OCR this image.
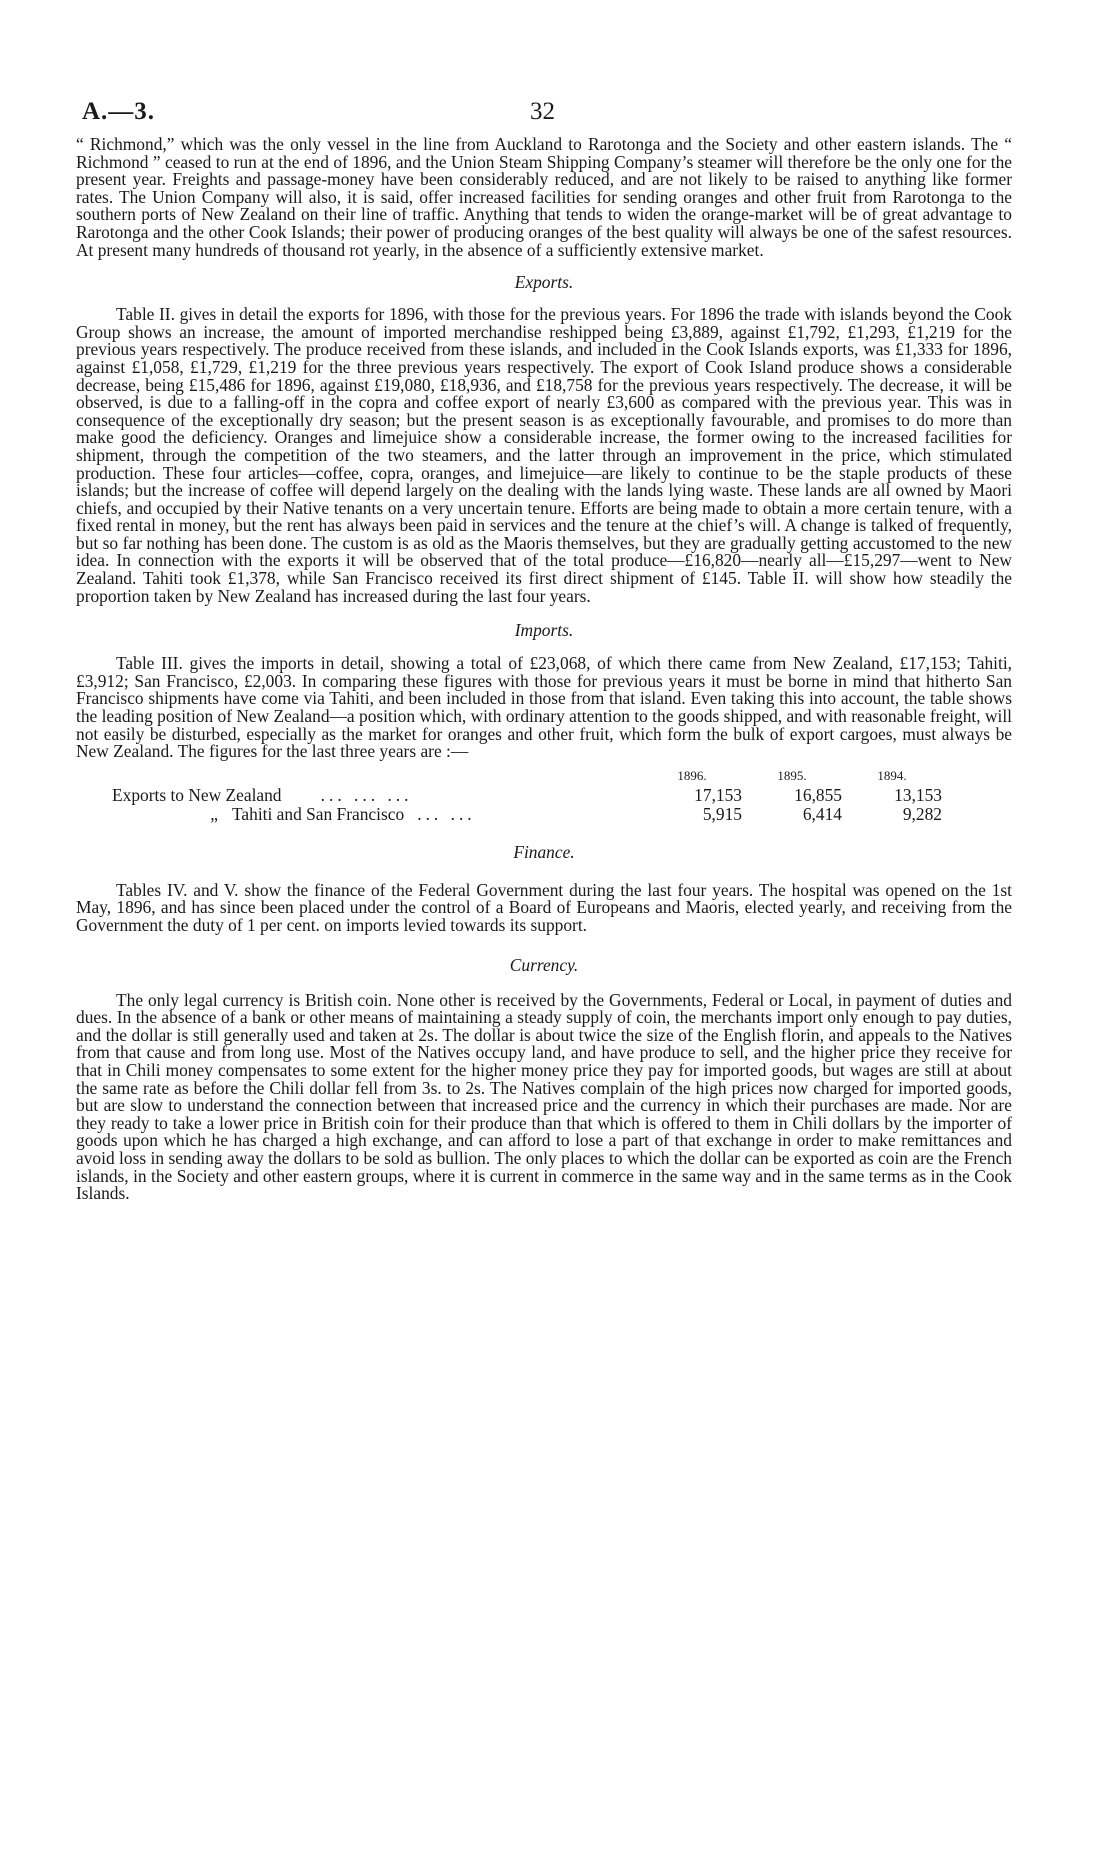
A.—3.	32

“ Richmond,” which was the only vessel in the line from Auckland to Rarotonga and the Society and other eastern islands. The “ Richmond ” ceased to run at the end of 1896, and the Union Steam Shipping Company’s steamer will therefore be the only one for the present year. Freights and passage-money have been considerably reduced, and are not likely to be raised to anything like former rates. The Union Company will also, it is said, offer increased facilities for sending oranges and other fruit from Rarotonga to the southern ports of New Zealand on their line of traffic. Anything that tends to widen the orange-market will be of great advantage to Rarotonga and the other Cook Islands; their power of producing oranges of the best quality will always be one of the safest resources. At present many hundreds of thousand rot yearly, in the absence of a sufficiently extensive market.

Exports.

Table II. gives in detail the exports for 1896, with those for the previous years. For 1896 the trade with islands beyond the Cook Group shows an increase, the amount of imported merchandise reshipped being £3,889, against £1,792, £1,293, £1,219 for the previous years respectively. The produce received from these islands, and included in the Cook Islands exports, was £1,333 for 1896, against £1,058, £1,729, £1,219 for the three previous years respectively. The export of Cook Island produce shows a considerable decrease, being £15,486 for 1896, against £19,080, £18,936, and £18,758 for the previous years respectively. The decrease, it will be observed, is due to a falling-off in the copra and coffee export of nearly £3,600 as compared with the previous year. This was in consequence of the exceptionally dry season; but the present season is as exceptionally favourable, and promises to do more than make good the deficiency. Oranges and limejuice show a considerable increase, the former owing to the increased facilities for shipment, through the competition of the two steamers, and the latter through an improvement in the price, which stimulated production. These four articles—coffee, copra, oranges, and limejuice—are likely to continue to be the staple products of these islands; but the increase of coffee will depend largely on the dealing with the lands lying waste. These lands are all owned by Maori chiefs, and occupied by their Native tenants on a very uncertain tenure. Efforts are being made to obtain a more certain tenure, with a fixed rental in money, but the rent has always been paid in services and the tenure at the chief’s will. A change is talked of frequently, but so far nothing has been done. The custom is as old as the Maoris themselves, but they are gradually getting accustomed to the new idea. In connection with the exports it will be observed that of the total produce—£16,820—nearly all—£15,297—went to New Zealand. Tahiti took £1,378, while San Francisco received its first direct shipment of £145. Table II. will show how steadily the proportion taken by New Zealand has increased during the last four years.

Imports.

Table III. gives the imports in detail, showing a total of £23,068, of which there came from New Zealand, £17,153; Tahiti, £3,912; San Francisco, £2,003. In comparing these figures with those for previous years it must be borne in mind that hitherto San Francisco shipments have come via Tahiti, and been included in those from that island. Even taking this into account, the table shows the leading position of New Zealand—a position which, with ordinary attention to the goods shipped, and with reasonable freight, will not easily be disturbed, especially as the market for oranges and other fruit, which form the bulk of export cargoes, must always be New Zealand. The figures for the last three years are :—

	1896.	1895.	1894.
Exports to New Zealand ... ... ...	17,153	16,855	13,153
„ Tahiti and San Francisco ... ...	5,915	6,414	9,282
Finance.

Tables IV. and V. show the finance of the Federal Government during the last four years. The hospital was opened on the 1st May, 1896, and has since been placed under the control of a Board of Europeans and Maoris, elected yearly, and receiving from the Government the duty of 1 per cent. on imports levied towards its support.

Currency.

The only legal currency is British coin. None other is received by the Governments, Federal or Local, in payment of duties and dues. In the absence of a bank or other means of maintaining a steady supply of coin, the merchants import only enough to pay duties, and the dollar is still generally used and taken at 2s. The dollar is about twice the size of the English florin, and appeals to the Natives from that cause and from long use. Most of the Natives occupy land, and have produce to sell, and the higher price they receive for that in Chili money compensates to some extent for the higher money price they pay for imported goods, but wages are still at about the same rate as before the Chili dollar fell from 3s. to 2s. The Natives complain of the high prices now charged for imported goods, but are slow to understand the connection between that increased price and the currency in which their purchases are made. Nor are they ready to take a lower price in British coin for their produce than that which is offered to them in Chili dollars by the importer of goods upon which he has charged a high exchange, and can afford to lose a part of that exchange in order to make remittances and avoid loss in sending away the dollars to be sold as bullion. The only places to which the dollar can be exported as coin are the French islands, in the Society and other eastern groups, where it is current in commerce in the same way and in the same terms as in the Cook Islands.
